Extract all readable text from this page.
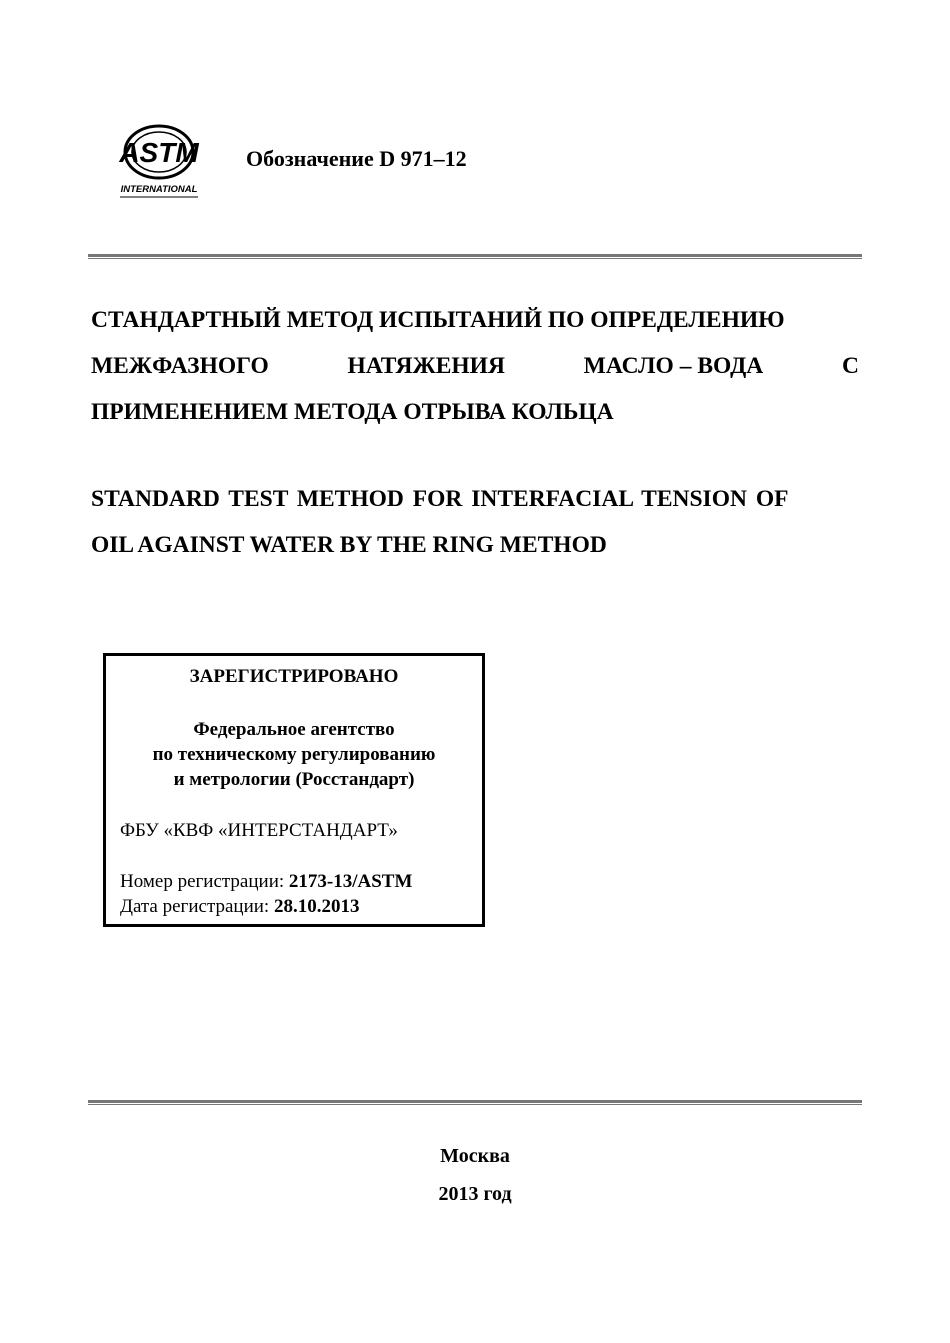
ASTM
INTERNATIONAL
Обозначение D 971–12
СТАНДАРТНЫЙ МЕТОД ИСПЫТАНИЙ ПО ОПРЕДЕЛЕНИЮ
МЕЖФАЗНОГО	НАТЯЖЕНИЯ	МАСЛО – ВОДА	С
ПРИМЕНЕНИЕМ МЕТОДА ОТРЫВА КОЛЬЦА
STANDARD TEST METHOD FOR INTERFACIAL TENSION OF
OIL AGAINST WATER BY THE RING METHOD
ЗАРЕГИСТРИРОВАНО
Федеральное агентство
по техническому регулированию
и метрологии (Росстандарт)
ФБУ «КВФ «ИНТЕРСТАНДАРТ»
Номер регистрации: 2173-13/ASTM
Дата регистрации: 28.10.2013
Москва
2013 год
